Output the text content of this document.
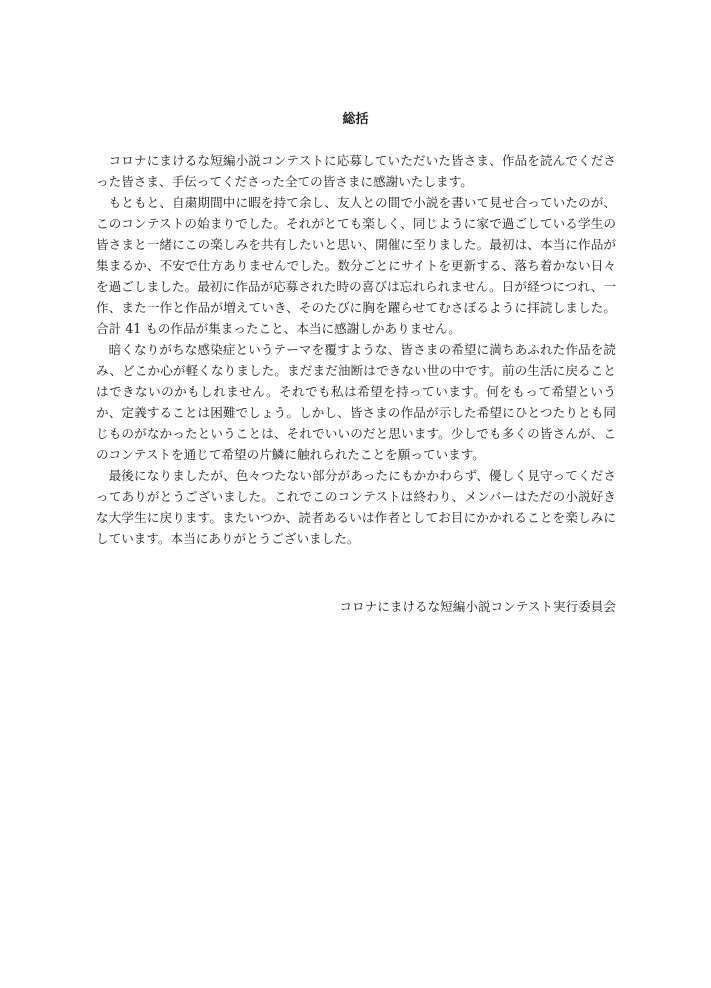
総括

コロナにまけるな短編小説コンテストに応募していただいた皆さま、作品を読んでくださった皆さま、手伝ってくださった全ての皆さまに感謝いたします。

もともと、自粛期間中に暇を持て余し、友人との間で小説を書いて見せ合っていたのが、このコンテストの始まりでした。それがとても楽しく、同じように家で過ごしている学生の皆さまと一緒にこの楽しみを共有したいと思い、開催に至りました。最初は、本当に作品が集まるか、不安で仕方ありませんでした。数分ごとにサイトを更新する、落ち着かない日々を過ごしました。最初に作品が応募された時の喜びは忘れられません。日が経つにつれ、一作、また一作と作品が増えていき、そのたびに胸を躍らせてむさぼるように拝読しました。合計 41 もの作品が集まったこと、本当に感謝しかありません。

暗くなりがちな感染症というテーマを覆すような、皆さまの希望に満ちあふれた作品を読み、どこか心が軽くなりました。まだまだ油断はできない世の中です。前の生活に戻ることはできないのかもしれません。それでも私は希望を持っています。何をもって希望というか、定義することは困難でしょう。しかし、皆さまの作品が示した希望にひとつたりとも同じものがなかったということは、それでいいのだと思います。少しでも多くの皆さんが、このコンテストを通じて希望の片鱗に触れられたことを願っています。

最後になりましたが、色々つたない部分があったにもかかわらず、優しく見守ってくださってありがとうございました。これでこのコンテストは終わり、メンバーはただの小説好きな大学生に戻ります。またいつか、読者あるいは作者としてお目にかかれることを楽しみにしています。本当にありがとうございました。

コロナにまけるな短編小説コンテスト実行委員会
